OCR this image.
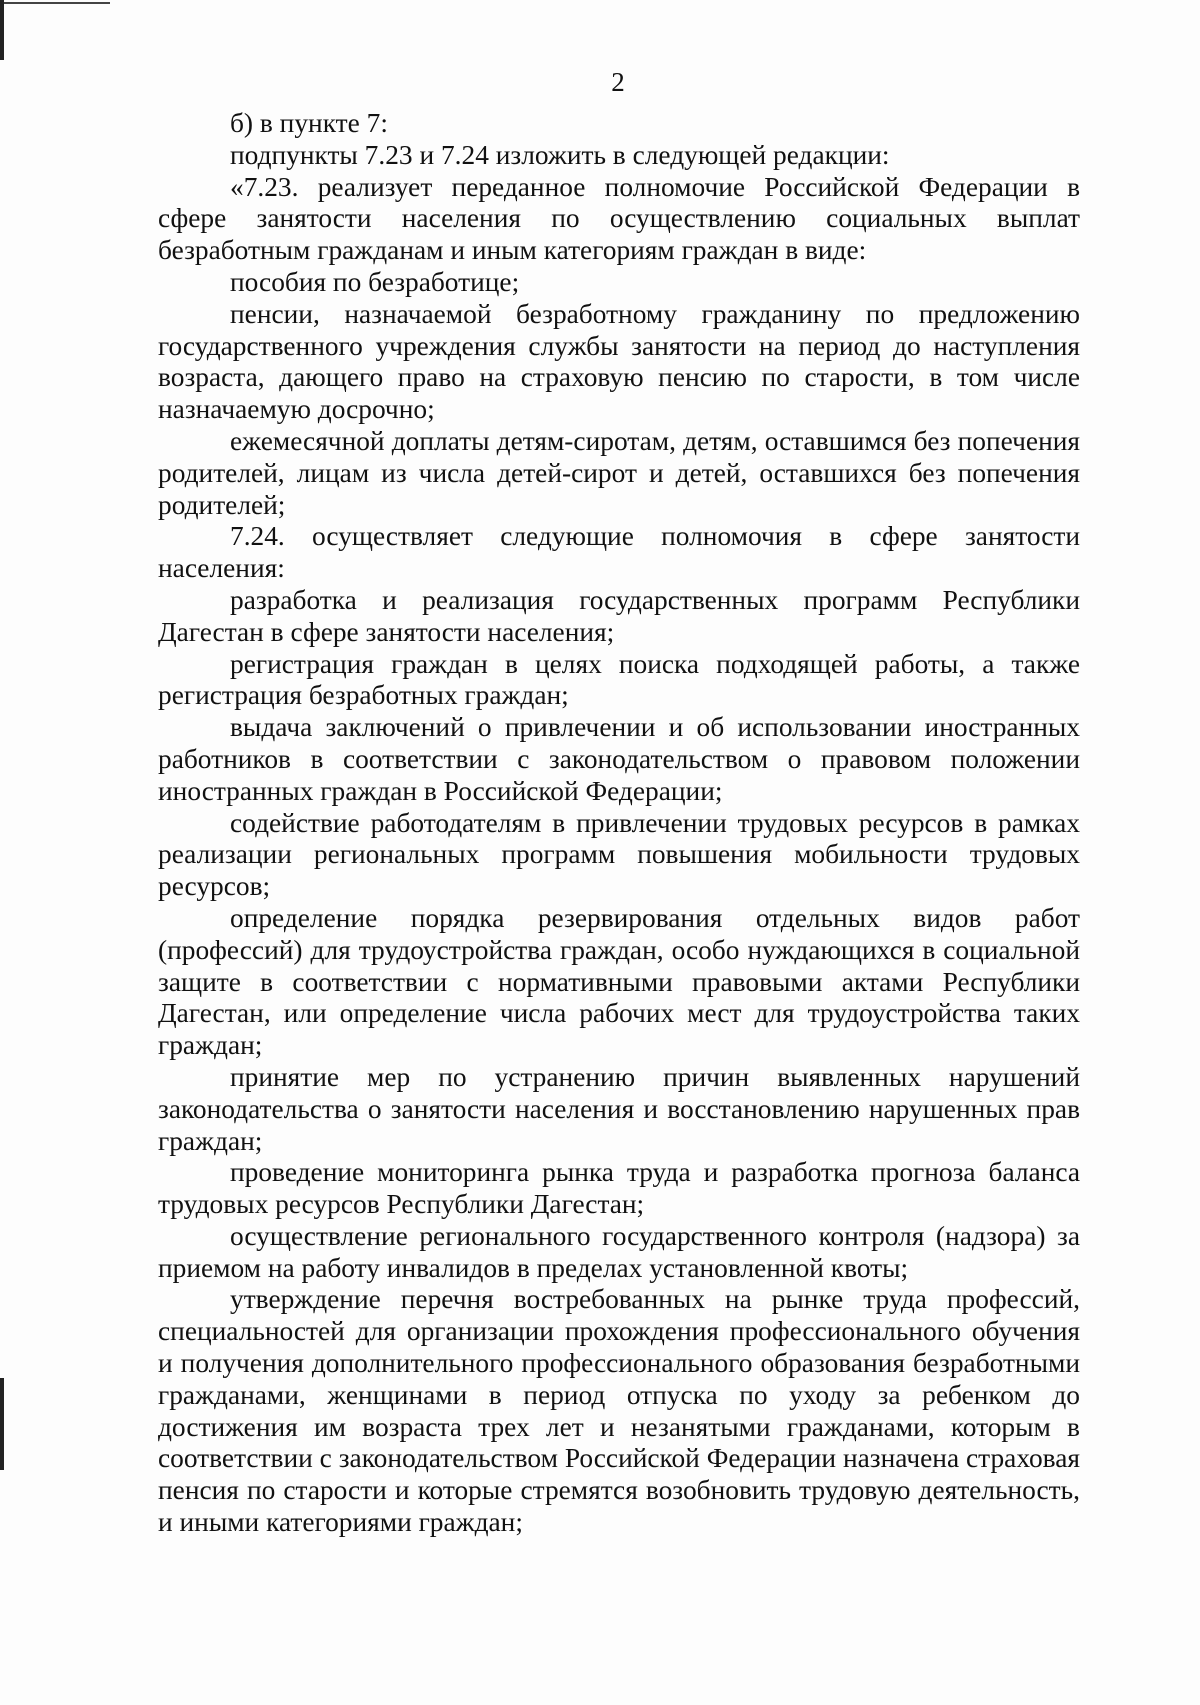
2

б) в пункте 7:

подпункты 7.23 и 7.24 изложить в следующей редакции:

«7.23. реализует переданное полномочие Российской Федерации в сфере занятости населения по осуществлению социальных выплат безработным гражданам и иным категориям граждан в виде:

пособия по безработице;

пенсии, назначаемой безработному гражданину по предложению государственного учреждения службы занятости на период до наступления возраста, дающего право на страховую пенсию по старости, в том числе назначаемую досрочно;

ежемесячной доплаты детям-сиротам, детям, оставшимся без попечения родителей, лицам из числа детей-сирот и детей, оставшихся без попечения родителей;

7.24. осуществляет следующие полномочия в сфере занятости населения:

разработка и реализация государственных программ Республики Дагестан в сфере занятости населения;

регистрация граждан в целях поиска подходящей работы, а также регистрация безработных граждан;

выдача заключений о привлечении и об использовании иностранных работников в соответствии с законодательством о правовом положении иностранных граждан в Российской Федерации;

содействие работодателям в привлечении трудовых ресурсов в рамках реализации региональных программ повышения мобильности трудовых ресурсов;

определение порядка резервирования отдельных видов работ (профессий) для трудоустройства граждан, особо нуждающихся в социальной защите в соответствии с нормативными правовыми актами Республики Дагестан, или определение числа рабочих мест для трудоустройства таких граждан;

принятие мер по устранению причин выявленных нарушений законодательства о занятости населения и восстановлению нарушенных прав граждан;

проведение мониторинга рынка труда и разработка прогноза баланса трудовых ресурсов Республики Дагестан;

осуществление регионального государственного контроля (надзора) за приемом на работу инвалидов в пределах установленной квоты;

утверждение перечня востребованных на рынке труда профессий, специальностей для организации прохождения профессионального обучения и получения дополнительного профессионального образования безработными гражданами, женщинами в период отпуска по уходу за ребенком до достижения им возраста трех лет и незанятыми гражданами, которым в соответствии с законодательством Российской Федерации назначена страховая пенсия по старости и которые стремятся возобновить трудовую деятельность, и иными категориями граждан;
